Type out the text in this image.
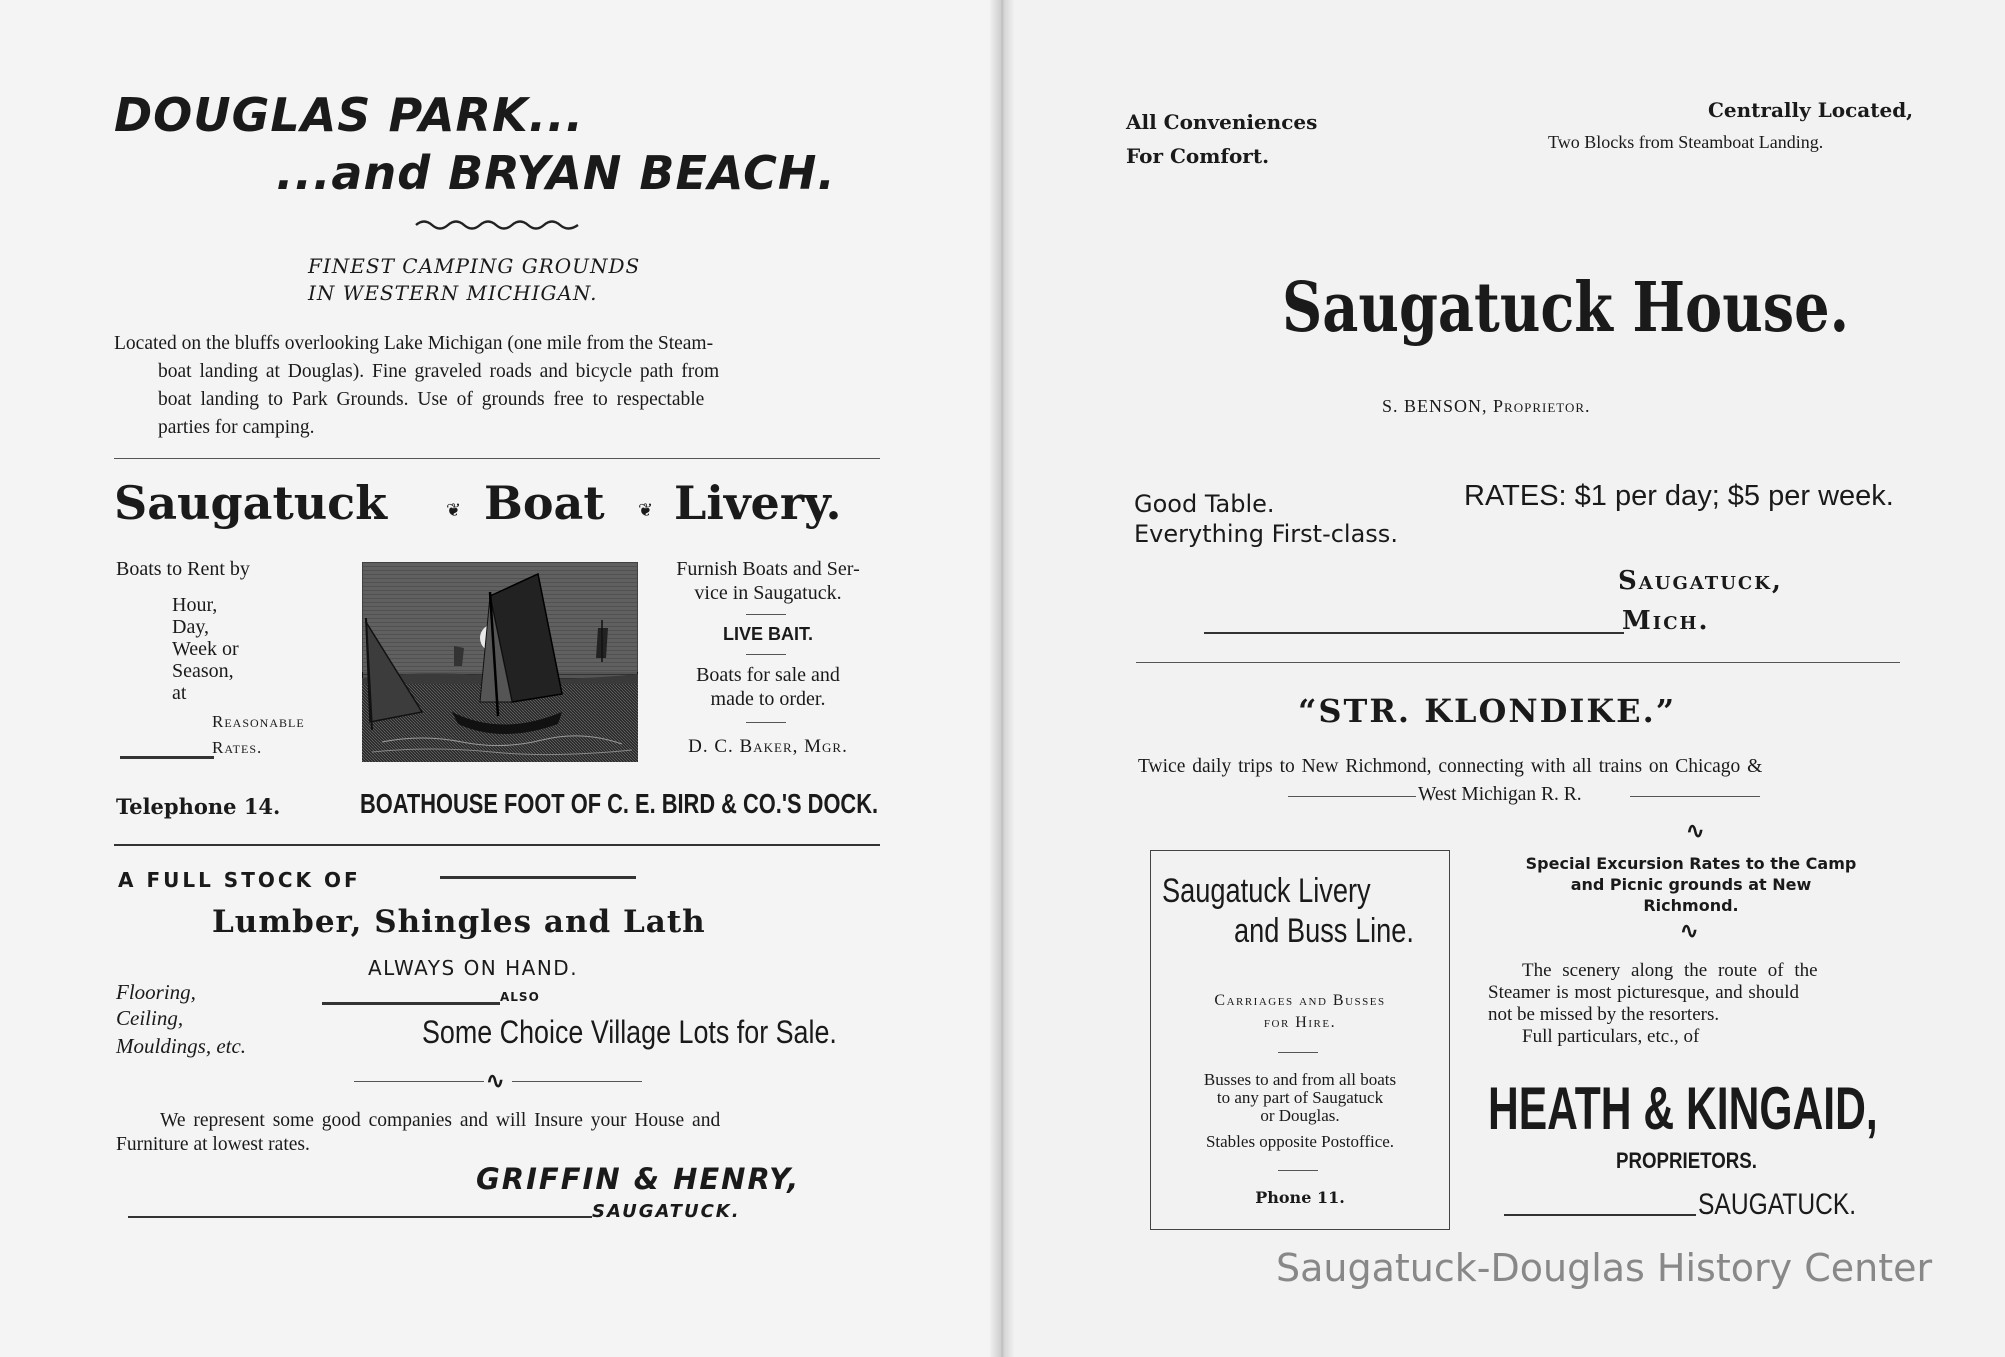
DOUGLAS PARK...
...and BRYAN BEACH.
FINEST CAMPING GROUNDS
IN WESTERN MICHIGAN.
Located on the bluffs overlooking Lake Michigan (one mile from the Steam-
boat landing at Douglas). Fine graveled roads and bicycle path from
boat landing to Park Grounds. Use of grounds free to respectable
parties for camping.
Saugatuck	❦ Boat ❦ Livery.
Boats to Rent by
Hour,
Day,
Week or
Season,
at
Reasonable
Rates.
Furnish Boats and Ser-
vice in Saugatuck.
LIVE BAIT.
Boats for sale and
made to order.
D. C. Baker, Mgr.
Telephone 14.	BOATHOUSE FOOT OF C. E. BIRD & CO.'S DOCK.
A FULL STOCK OF
Lumber, Shingles and Lath
ALWAYS ON HAND.
Flooring,
Ceiling,
Mouldings, etc.
ALSO
Some Choice Village Lots for Sale.
∿
We represent some good companies and will Insure your House and
Furniture at lowest rates.
GRIFFIN & HENRY,
SAUGATUCK.
All Conveniences
For Comfort.
Centrally Located,
Two Blocks from Steamboat Landing.
Saugatuck House.
S. BENSON, Proprietor.
Good Table.
Everything First-class.
RATES: $1 per day; $5 per week.
Saugatuck,
Mich.
“STR. KLONDIKE.”
Twice daily trips to New Richmond, connecting with all trains on Chicago &
West Michigan R. R.
∿
Saugatuck Livery
and Buss Line.
Carriages and Busses
for Hire.
Busses to and from all boats
to any part of Saugatuck
or Douglas.
Stables opposite Postoffice.
Phone 11.
Special Excursion Rates to the Camp
and Picnic grounds at New
Richmond.
∿
The scenery along the route of the
Steamer is most picturesque, and should
not be missed by the resorters.
Full particulars, etc., of
HEATH & KINGAID,
PROPRIETORS.
SAUGATUCK.
Saugatuck-Douglas History Center
